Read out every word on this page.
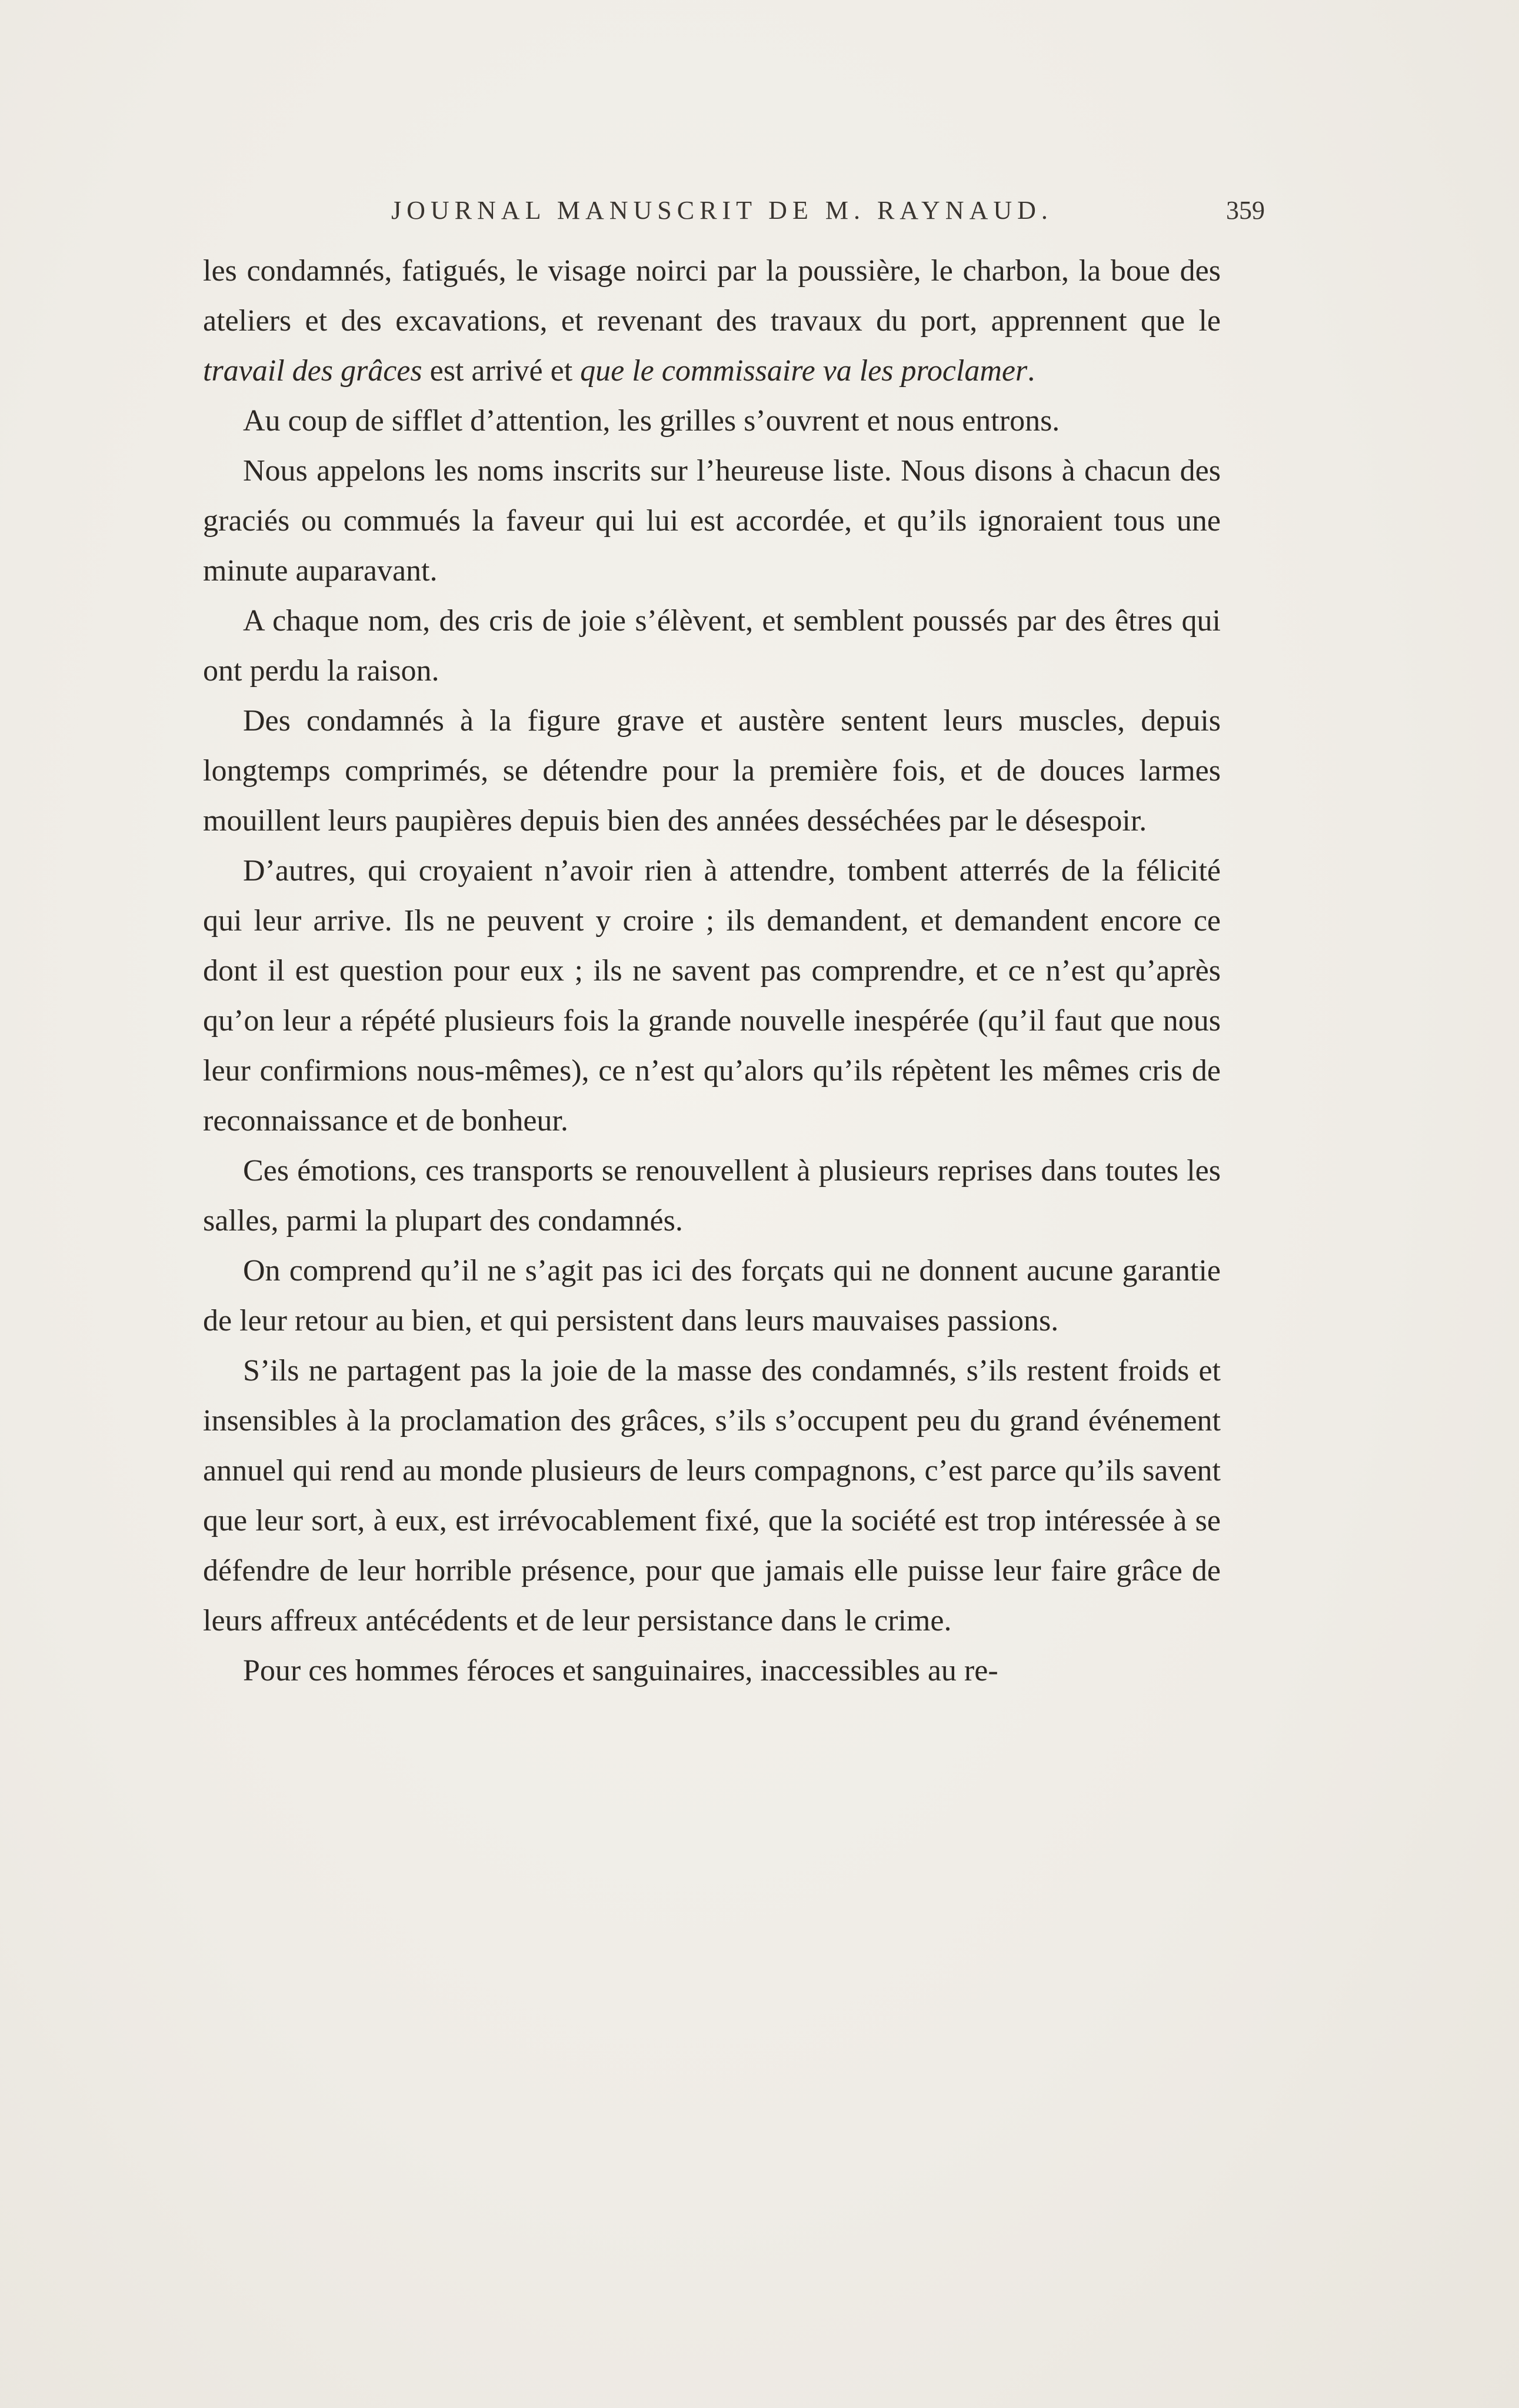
JOURNAL MANUSCRIT DE M. RAYNAUD.	359

les condamnés, fatigués, le visage noirci par la poussière, le charbon, la boue des ateliers et des excavations, et revenant des travaux du port, apprennent que le travail des grâces est arrivé et que le commissaire va les proclamer.

Au coup de sifflet d’attention, les grilles s’ouvrent et nous entrons.

Nous appelons les noms inscrits sur l’heureuse liste. Nous disons à chacun des graciés ou commués la faveur qui lui est accordée, et qu’ils ignoraient tous une minute auparavant.

A chaque nom, des cris de joie s’élèvent, et semblent poussés par des êtres qui ont perdu la raison.

Des condamnés à la figure grave et austère sentent leurs muscles, depuis longtemps comprimés, se détendre pour la première fois, et de douces larmes mouillent leurs paupières depuis bien des années desséchées par le désespoir.

D’autres, qui croyaient n’avoir rien à attendre, tombent atterrés de la félicité qui leur arrive. Ils ne peuvent y croire ; ils demandent, et demandent encore ce dont il est question pour eux ; ils ne savent pas comprendre, et ce n’est qu’après qu’on leur a répété plusieurs fois la grande nouvelle inespérée (qu’il faut que nous leur confirmions nous-mêmes), ce n’est qu’alors qu’ils répètent les mêmes cris de reconnaissance et de bonheur.

Ces émotions, ces transports se renouvellent à plusieurs reprises dans toutes les salles, parmi la plupart des condamnés.

On comprend qu’il ne s’agit pas ici des forçats qui ne donnent aucune garantie de leur retour au bien, et qui persistent dans leurs mauvaises passions.

S’ils ne partagent pas la joie de la masse des condamnés, s’ils restent froids et insensibles à la proclamation des grâces, s’ils s’occupent peu du grand événement annuel qui rend au monde plusieurs de leurs compagnons, c’est parce qu’ils savent que leur sort, à eux, est irrévocablement fixé, que la société est trop intéressée à se défendre de leur horrible présence, pour que jamais elle puisse leur faire grâce de leurs affreux antécédents et de leur persistance dans le crime.

Pour ces hommes féroces et sanguinaires, inaccessibles au re-
